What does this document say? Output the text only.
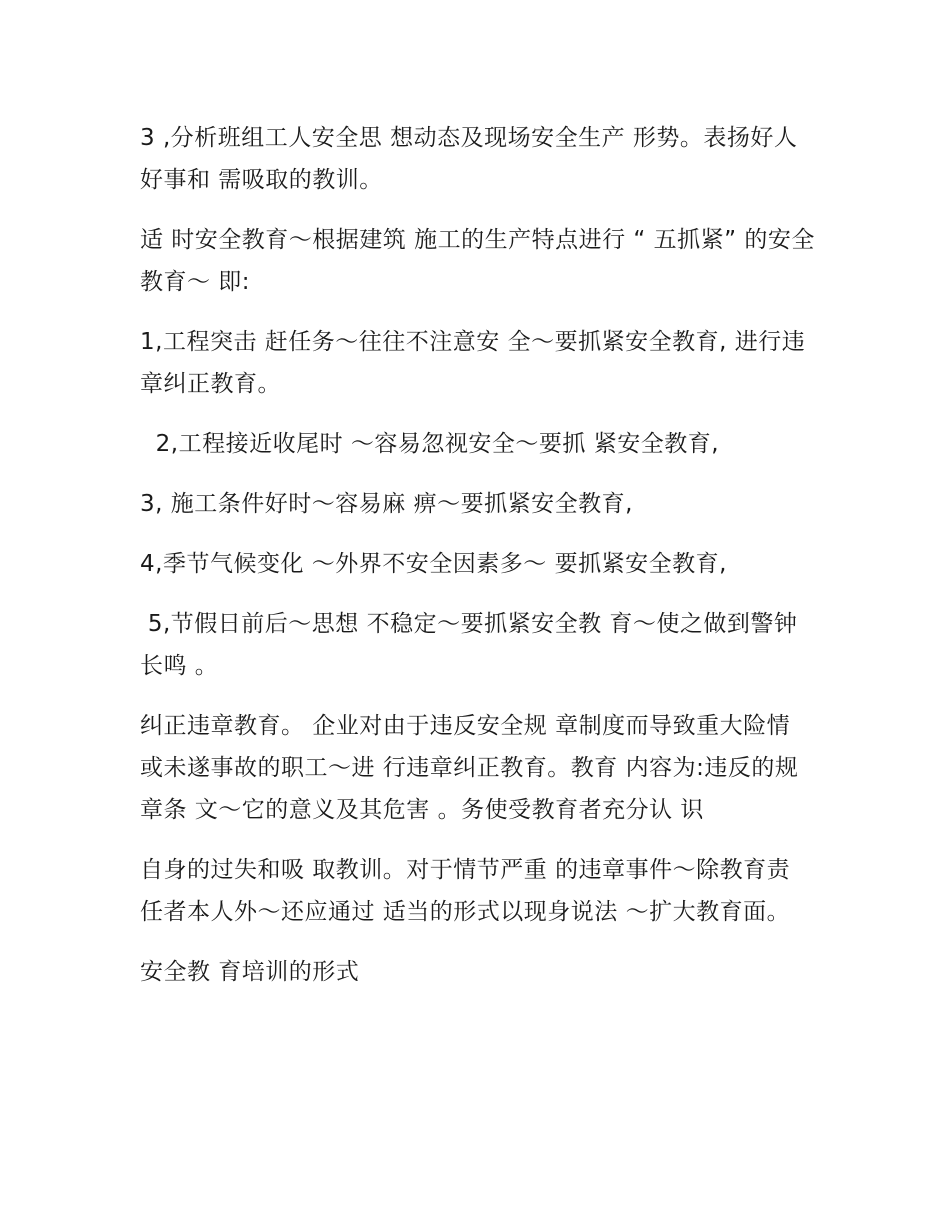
3 ,分析班组工人安全思 想动态及现场安全生产 形势。表扬好人好事和 需吸取的教训。

适 时安全教育～根据建筑 施工的生产特点进行 “ 五抓紧” 的安全教育～ 即:

1,工程突击 赶任务～往往不注意安 全～要抓紧安全教育, 进行违章纠正教育。

2,工程接近收尾时 ～容易忽视安全～要抓 紧安全教育,

3, 施工条件好时～容易麻 痹～要抓紧安全教育,

4,季节气候变化 ～外界不安全因素多～ 要抓紧安全教育,

5,节假日前后～思想 不稳定～要抓紧安全教 育～使之做到警钟长鸣 。

纠正违章教育。 企业对由于违反安全规 章制度而导致重大险情 或未遂事故的职工～进 行违章纠正教育。教育 内容为:违反的规章条 文～它的意义及其危害 。务使受教育者充分认 识

自身的过失和吸 取教训。对于情节严重 的违章事件～除教育责 任者本人外～还应通过 适当的形式以现身说法 ～扩大教育面。

安全教 育培训的形式
